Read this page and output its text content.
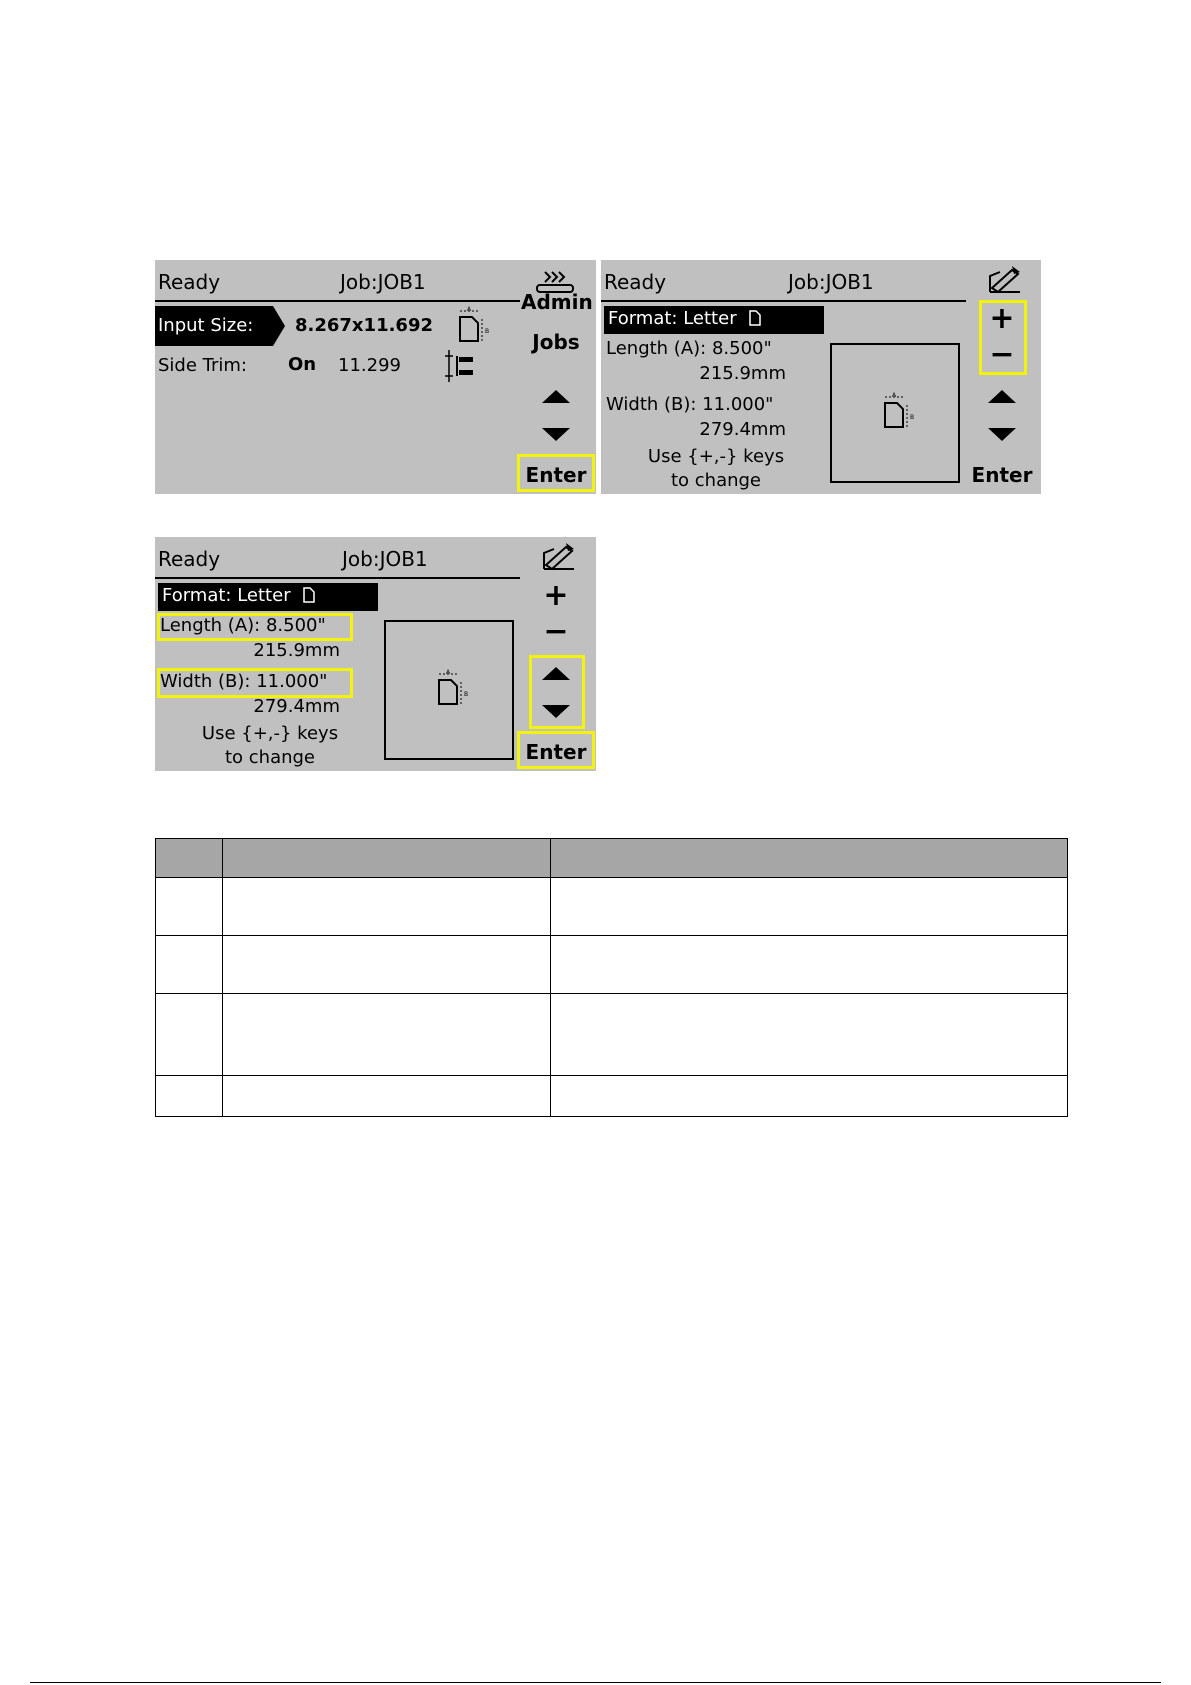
Ready	Job:JOB1
Input Size: 8.267x11.692
A
B
Side Trim: On 11.299
Admin
Jobs
Enter
Ready	Job:JOB1
Format: Letter
Length (A): 8.500"
215.9mm
Width (B): 11.000"
279.4mm
Use {+,-} keys
to change
A
B
+
−
Enter
Ready	Job:JOB1
Format: Letter
Length (A): 8.500"
215.9mm
Width (B): 11.000"
279.4mm
Use {+,-} keys
to change
A
B
+
−
Enter
